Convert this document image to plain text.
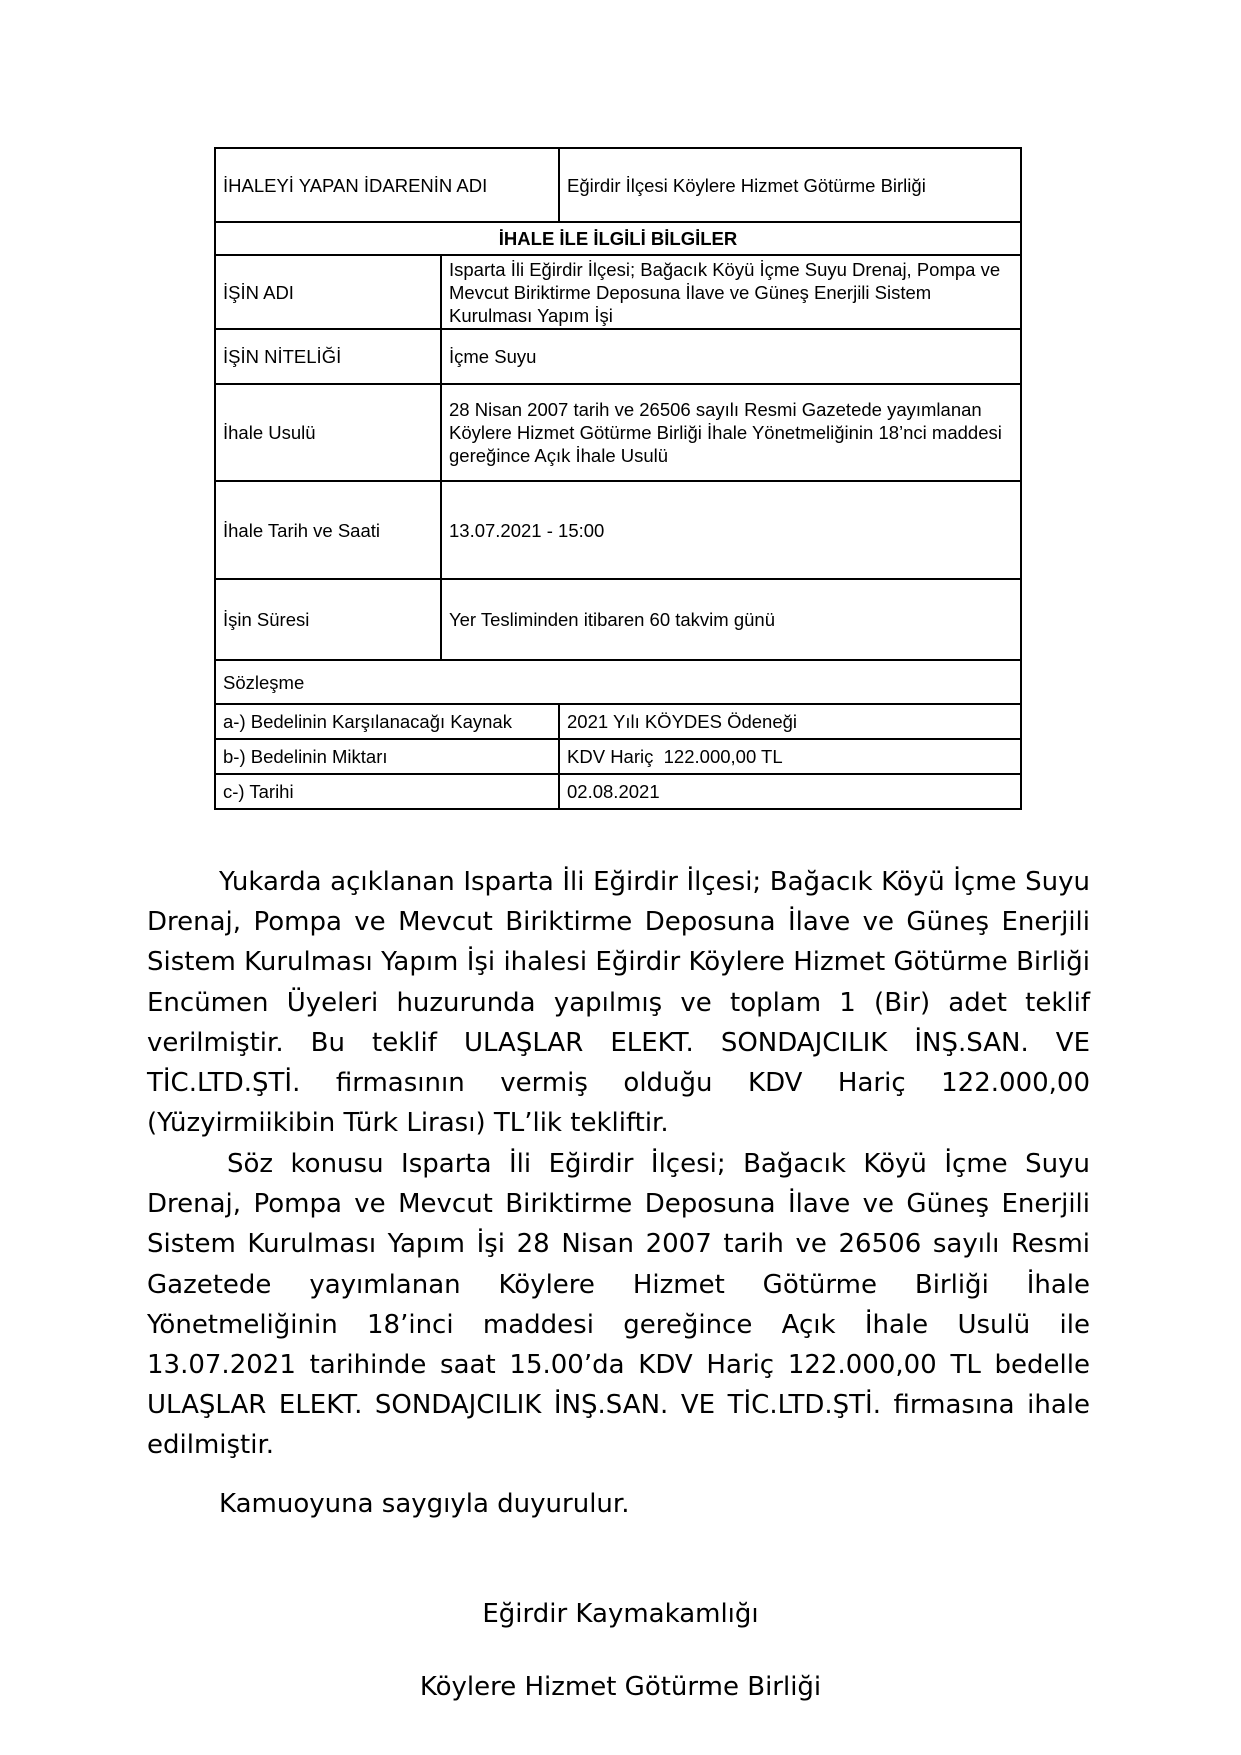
İHALEYİ YAPAN İDARENİN ADI		Eğirdir İlçesi Köylere Hizmet Götürme Birliği
İHALE İLE İLGİLİ BİLGİLER		
İŞİN ADI	Isparta İli Eğirdir İlçesi; Bağacık Köyü İçme Suyu Drenaj, Pompa ve Mevcut Biriktirme Deposuna İlave ve Güneş Enerjili Sistem Kurulması Yapım İşi	
İŞİN NİTELİĞİ	İçme Suyu	
İhale Usulü	28 Nisan 2007 tarih ve 26506 sayılı Resmi Gazetede yayımlanan Köylere Hizmet Götürme Birliği İhale Yönetmeliğinin 18’nci maddesi gereğince Açık İhale Usulü	
İhale Tarih ve Saati	13.07.2021 - 15:00	
İşin Süresi	Yer Tesliminden itibaren 60 takvim günü	
Sözleşme		
a-) Bedelinin Karşılanacağı Kaynak		2021 Yılı KÖYDES Ödeneği
b-) Bedelinin Miktarı		KDV Hariç  122.000,00 TL
c-) Tarihi		02.08.2021

Yukarda açıklanan Isparta İli Eğirdir İlçesi; Bağacık Köyü İçme Suyu Drenaj, Pompa ve Mevcut Biriktirme Deposuna İlave ve Güneş Enerjili Sistem Kurulması Yapım İşi ihalesi Eğirdir Köylere Hizmet Götürme Birliği Encümen Üyeleri huzurunda yapılmış ve toplam 1 (Bir) adet teklif verilmiştir. Bu teklif ULAŞLAR ELEKT. SONDAJCILIK İNŞ.SAN. VE TİC.LTD.ŞTİ. firmasının vermiş olduğu KDV Hariç 122.000,00 (Yüzyirmiikibin Türk Lirası) TL’lik tekliftir.

Söz konusu Isparta İli Eğirdir İlçesi; Bağacık Köyü İçme Suyu Drenaj, Pompa ve Mevcut Biriktirme Deposuna İlave ve Güneş Enerjili Sistem Kurulması Yapım İşi 28 Nisan 2007 tarih ve 26506 sayılı Resmi Gazetede yayımlanan Köylere Hizmet Götürme Birliği İhale Yönetmeliğinin 18’inci maddesi gereğince Açık İhale Usulü ile 13.07.2021 tarihinde saat 15.00’da KDV Hariç 122.000,00 TL bedelle ULAŞLAR ELEKT. SONDAJCILIK İNŞ.SAN. VE TİC.LTD.ŞTİ. firmasına ihale edilmiştir.

Kamuoyuna saygıyla duyurulur.

Eğirdir Kaymakamlığı

Köylere Hizmet Götürme Birliği
